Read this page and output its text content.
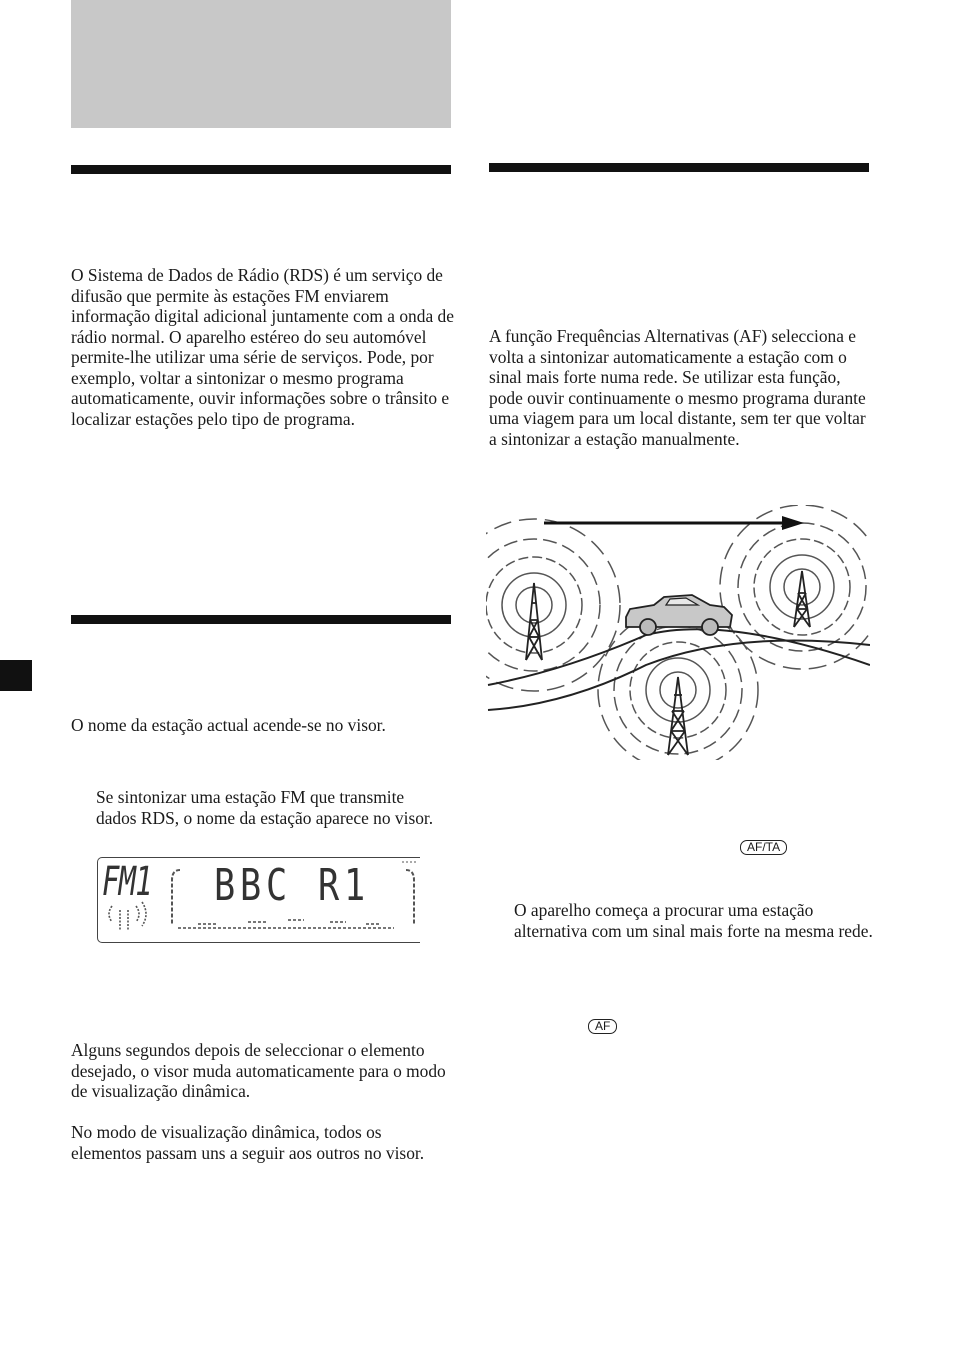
O Sistema de Dados de Rádio (RDS) é um serviço de difusão que permite às estações FM enviarem informação digital adicional juntamente com a onda de rádio normal. O aparelho estéreo do seu automóvel permite-lhe utilizar uma série de serviços. Pode, por exemplo, voltar a sintonizar o mesmo programa automaticamente, ouvir informações sobre o trânsito e localizar estações pelo tipo de programa.

O nome da estação actual acende-se no visor.

Se sintonizar uma estação FM que transmite dados RDS, o nome da estação aparece no visor.

FM1 BBC R1

Alguns segundos depois de seleccionar o elemento desejado, o visor muda automaticamente para o modo de visualização dinâmica.

No modo de visualização dinâmica, todos os elementos passam uns a seguir aos outros no visor.

A função Frequências Alternativas (AF) selecciona e volta a sintonizar automaticamente a estação com o sinal mais forte numa rede. Se utilizar esta função, pode ouvir continuamente o mesmo programa durante uma viagem para um local distante, sem ter que voltar a sintonizar a estação manualmente.

AF/TA

O aparelho começa a procurar uma estação alternativa com um sinal mais forte na mesma rede.

AF
